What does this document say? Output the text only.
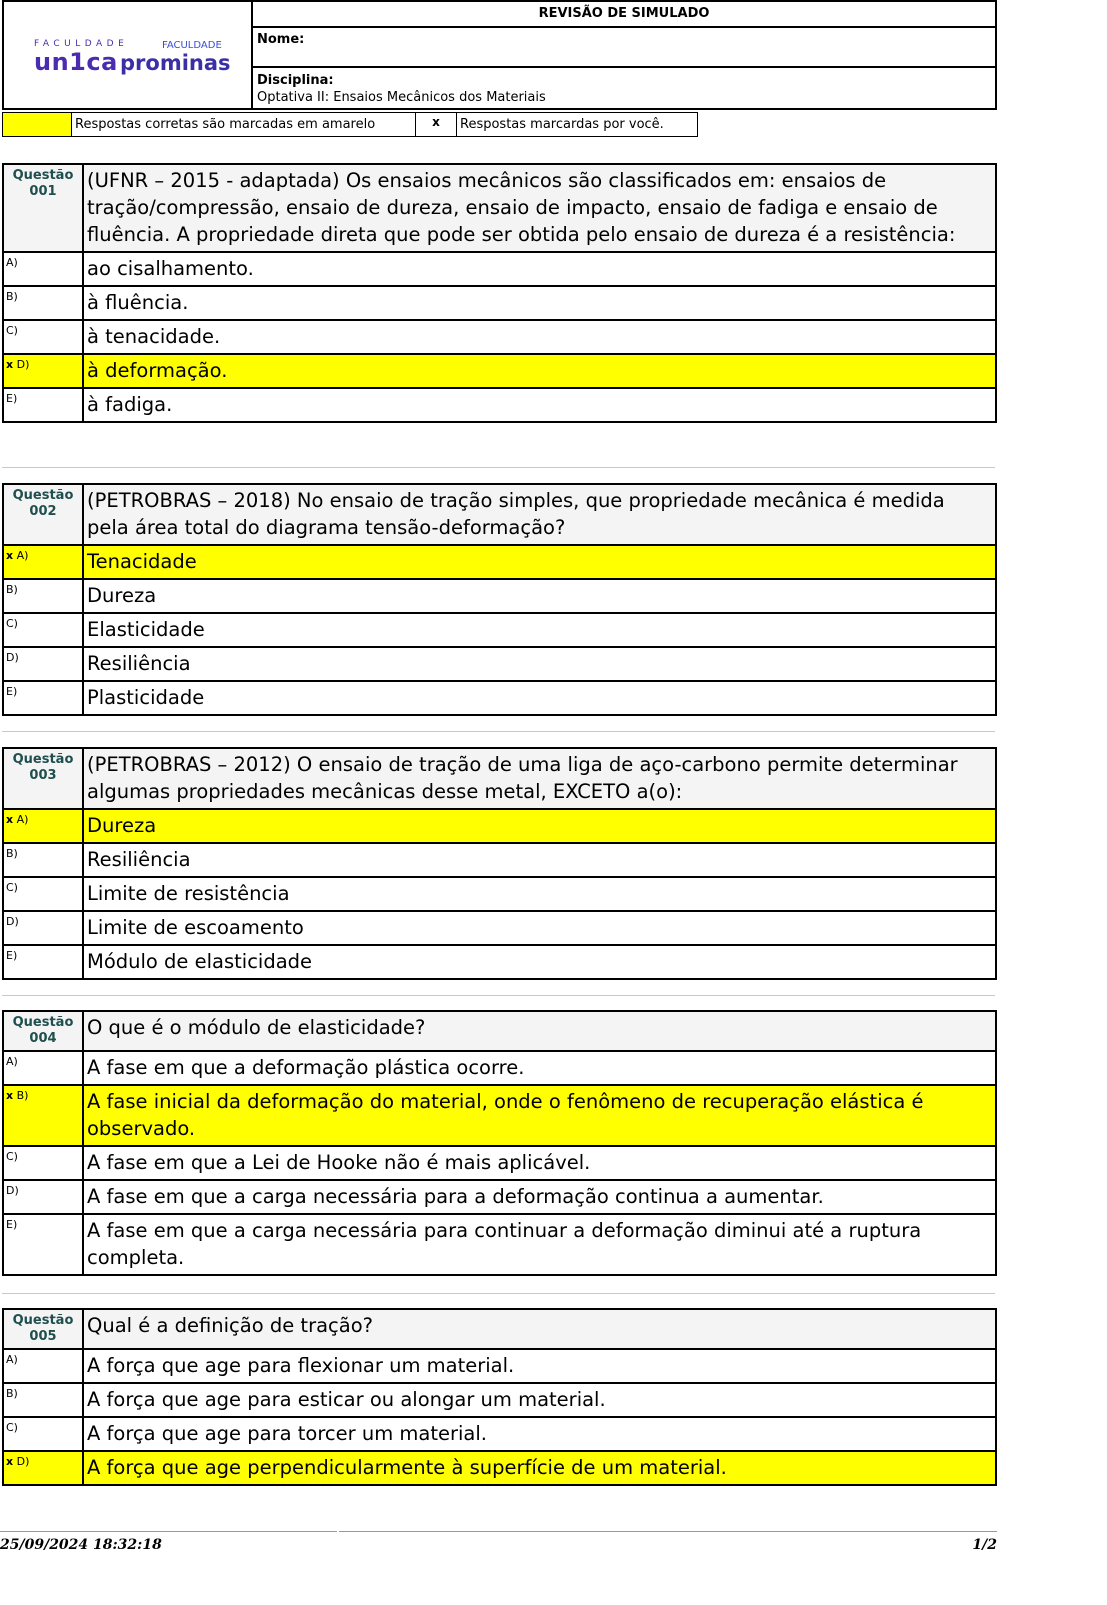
FACULDADE
un1ca
FACULDADE
prominas
REVISÃO DE SIMULADO
Nome:
Disciplina:
Optativa II: Ensaios Mecânicos dos Materiais
Respostas corretas são marcadas em amarelo	x	Respostas marcardas por você.
Questão
001	(UFNR – 2015 - adaptada) Os ensaios mecânicos são classificados em: ensaios de tração/compressão, ensaio de dureza, ensaio de impacto, ensaio de fadiga e ensaio de fluência. A propriedade direta que pode ser obtida pelo ensaio de dureza é a resistência:
A)	ao cisalhamento.
B)	à fluência.
C)	à tenacidade.
x D)	à deformação.
E)	à fadiga.
Questão
002	(PETROBRAS – 2018) No ensaio de tração simples, que propriedade mecânica é medida pela área total do diagrama tensão-deformação?
x A)	Tenacidade
B)	Dureza
C)	Elasticidade
D)	Resiliência
E)	Plasticidade
Questão
003	(PETROBRAS – 2012) O ensaio de tração de uma liga de aço-carbono permite determinar algumas propriedades mecânicas desse metal, EXCETO a(o):
x A)	Dureza
B)	Resiliência
C)	Limite de resistência
D)	Limite de escoamento
E)	Módulo de elasticidade
Questão
004	O que é o módulo de elasticidade?
A)	A fase em que a deformação plástica ocorre.
x B)	A fase inicial da deformação do material, onde o fenômeno de recuperação elástica é observado.
C)	A fase em que a Lei de Hooke não é mais aplicável.
D)	A fase em que a carga necessária para a deformação continua a aumentar.
E)	A fase em que a carga necessária para continuar a deformação diminui até a ruptura completa.
Questão
005	Qual é a definição de tração?
A)	A força que age para flexionar um material.
B)	A força que age para esticar ou alongar um material.
C)	A força que age para torcer um material.
x D)	A força que age perpendicularmente à superfície de um material.
25/09/2024 18:32:18	1/2
